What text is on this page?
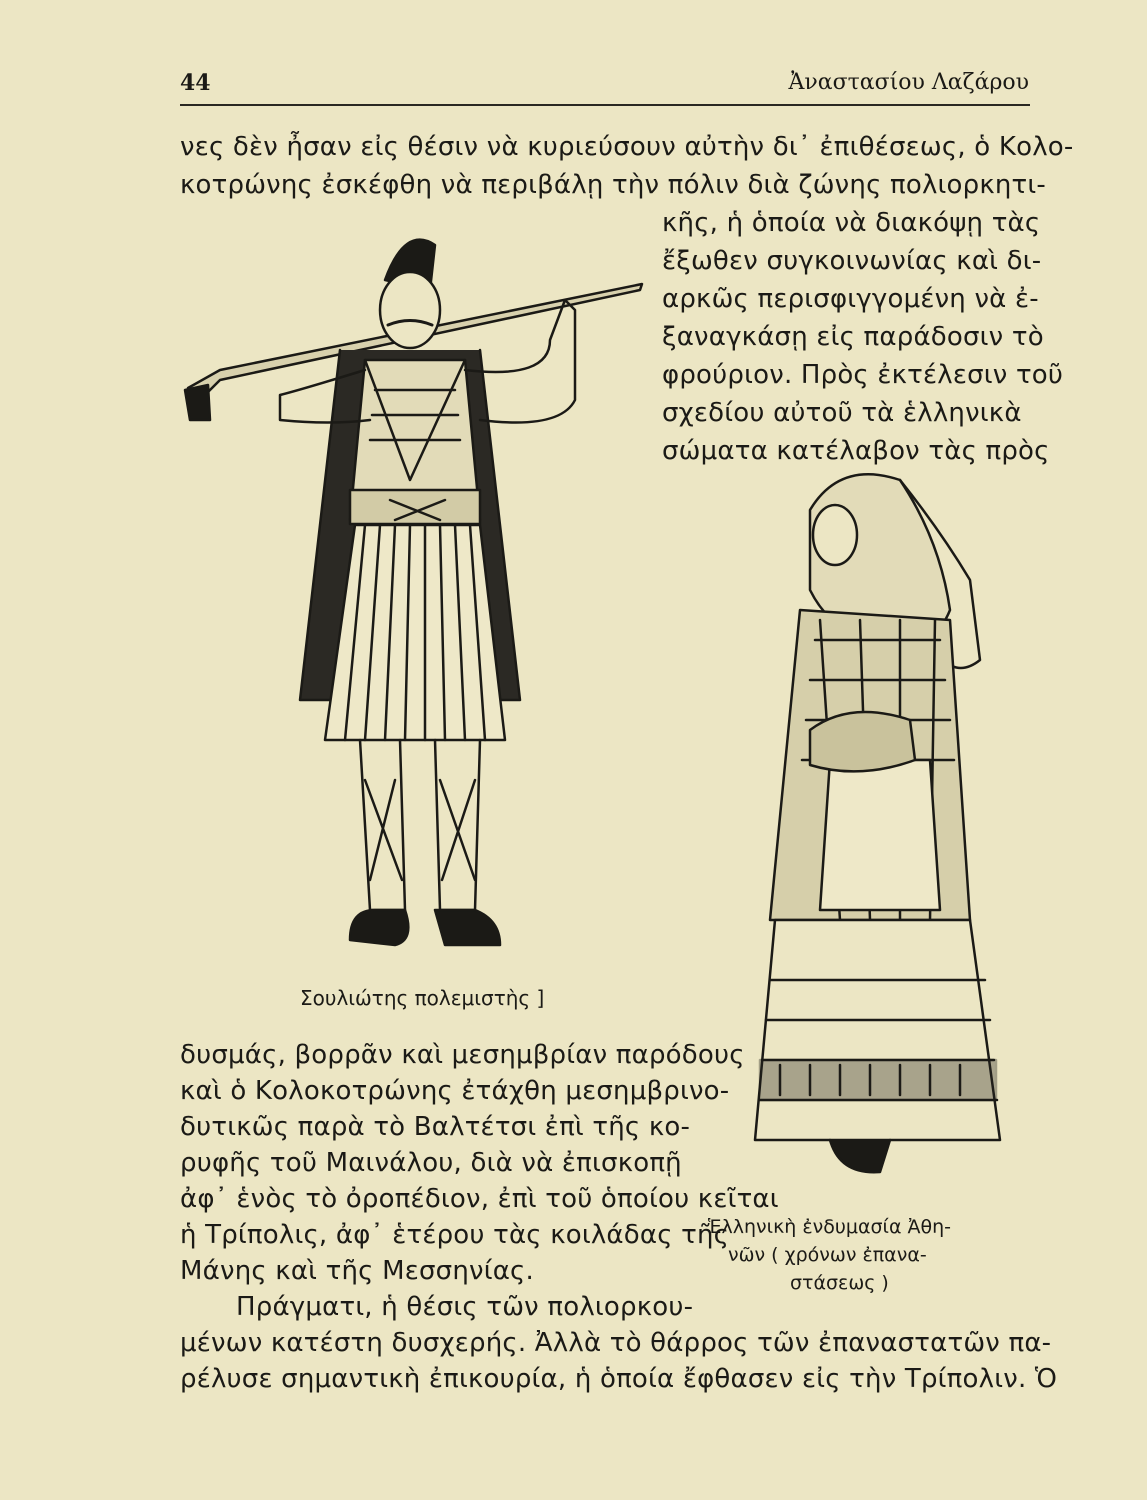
44	Ἀναστασίου Λαζάρου
νες δὲν ἦσαν εἰς θέσιν νὰ κυριεύσουν αὐτὴν δι᾽ ἐπιθέσεως, ὁ Κολο-
κοτρώνης ἐσκέφθη νὰ περιβάλῃ τὴν πόλιν διὰ ζώνης πολιορκητι-
κῆς, ἡ ὁποία νὰ διακόψῃ τὰς
ἔξωθεν συγκοινωνίας καὶ δι-
αρκῶς περισφιγγομένη νὰ ἐ-
ξαναγκάσῃ εἰς παράδοσιν τὸ
φρούριον. Πρὸς ἐκτέλεσιν τοῦ
σχεδίου αὐτοῦ τὰ ἑλληνικὰ
σώματα κατέλαβον τὰς πρὸς
Σουλιώτης πολεμιστὴς ]
δυσμάς, βορρᾶν καὶ μεσημβρίαν παρόδους
καὶ ὁ Κολοκοτρώνης ἐτάχθη μεσημβρινο-
δυτικῶς παρὰ τὸ Βαλτέτσι ἐπὶ τῆς κο-
ρυφῆς τοῦ Μαινάλου, διὰ νὰ ἐπισκοπῇ
ἀφ᾽ ἑνὸς τὸ ὀροπέδιον, ἐπὶ τοῦ ὁποίου κεῖται
ἡ Τρίπολις, ἀφ᾽ ἑτέρου τὰς κοιλάδας τῆς
Μάνης καὶ τῆς Μεσσηνίας.
Πράγματι, ἡ θέσις τῶν πολιορκου-
Ἑλληνικὴ ἐνδυμασία Ἀθη-
νῶν ( χρόνων ἐπανα-
στάσεως )
μένων κατέστη δυσχερής. Ἀλλὰ τὸ θάρρος τῶν ἐπαναστατῶν πα-
ρέλυσε σημαντικὴ ἐπικουρία, ἡ ὁποία ἔφθασεν εἰς τὴν Τρίπολιν. Ὁ
